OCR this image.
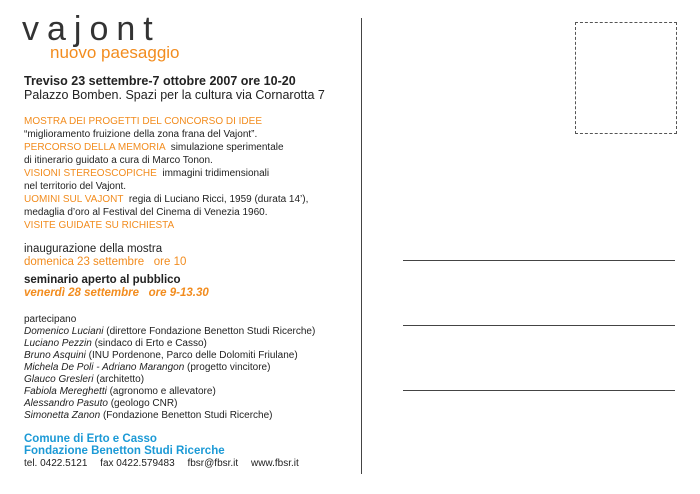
vajont
nuovo paesaggio
Treviso 23 settembre-7 ottobre 2007 ore 10-20
Palazzo Bomben. Spazi per la cultura via Cornarotta 7
MOSTRA DEI PROGETTI DEL CONCORSO DI IDEE
“miglioramento fruizione della zona frana del Vajont”.
PERCORSO DELLA MEMORIA  simulazione sperimentale
di itinerario guidato a cura di Marco Tonon.
VISIONI STEREOSCOPICHE  immagini tridimensionali
nel territorio del Vajont.
UOMINI SUL VAJONT  regia di Luciano Ricci, 1959 (durata 14’),
medaglia d’oro al Festival del Cinema di Venezia 1960.
VISITE GUIDATE SU RICHIESTA
inaugurazione della mostra
domenica 23 settembre   ore 10
seminario aperto al pubblico
venerdì 28 settembre   ore 9-13.30
partecipano
Domenico Luciani (direttore Fondazione Benetton Studi Ricerche)
Luciano Pezzin (sindaco di Erto e Casso)
Bruno Asquini (INU Pordenone, Parco delle Dolomiti Friulane)
Michela De Poli - Adriano Marangon (progetto vincitore)
Glauco Gresleri (architetto)
Fabiola Mereghetti (agronomo e allevatore)
Alessandro Pasuto (geologo CNR)
Simonetta Zanon (Fondazione Benetton Studi Ricerche)
Comune di Erto e Casso
Fondazione Benetton Studi Ricerche
tel. 0422.5121 fax 0422.579483 fbsr@fbsr.it www.fbsr.it
